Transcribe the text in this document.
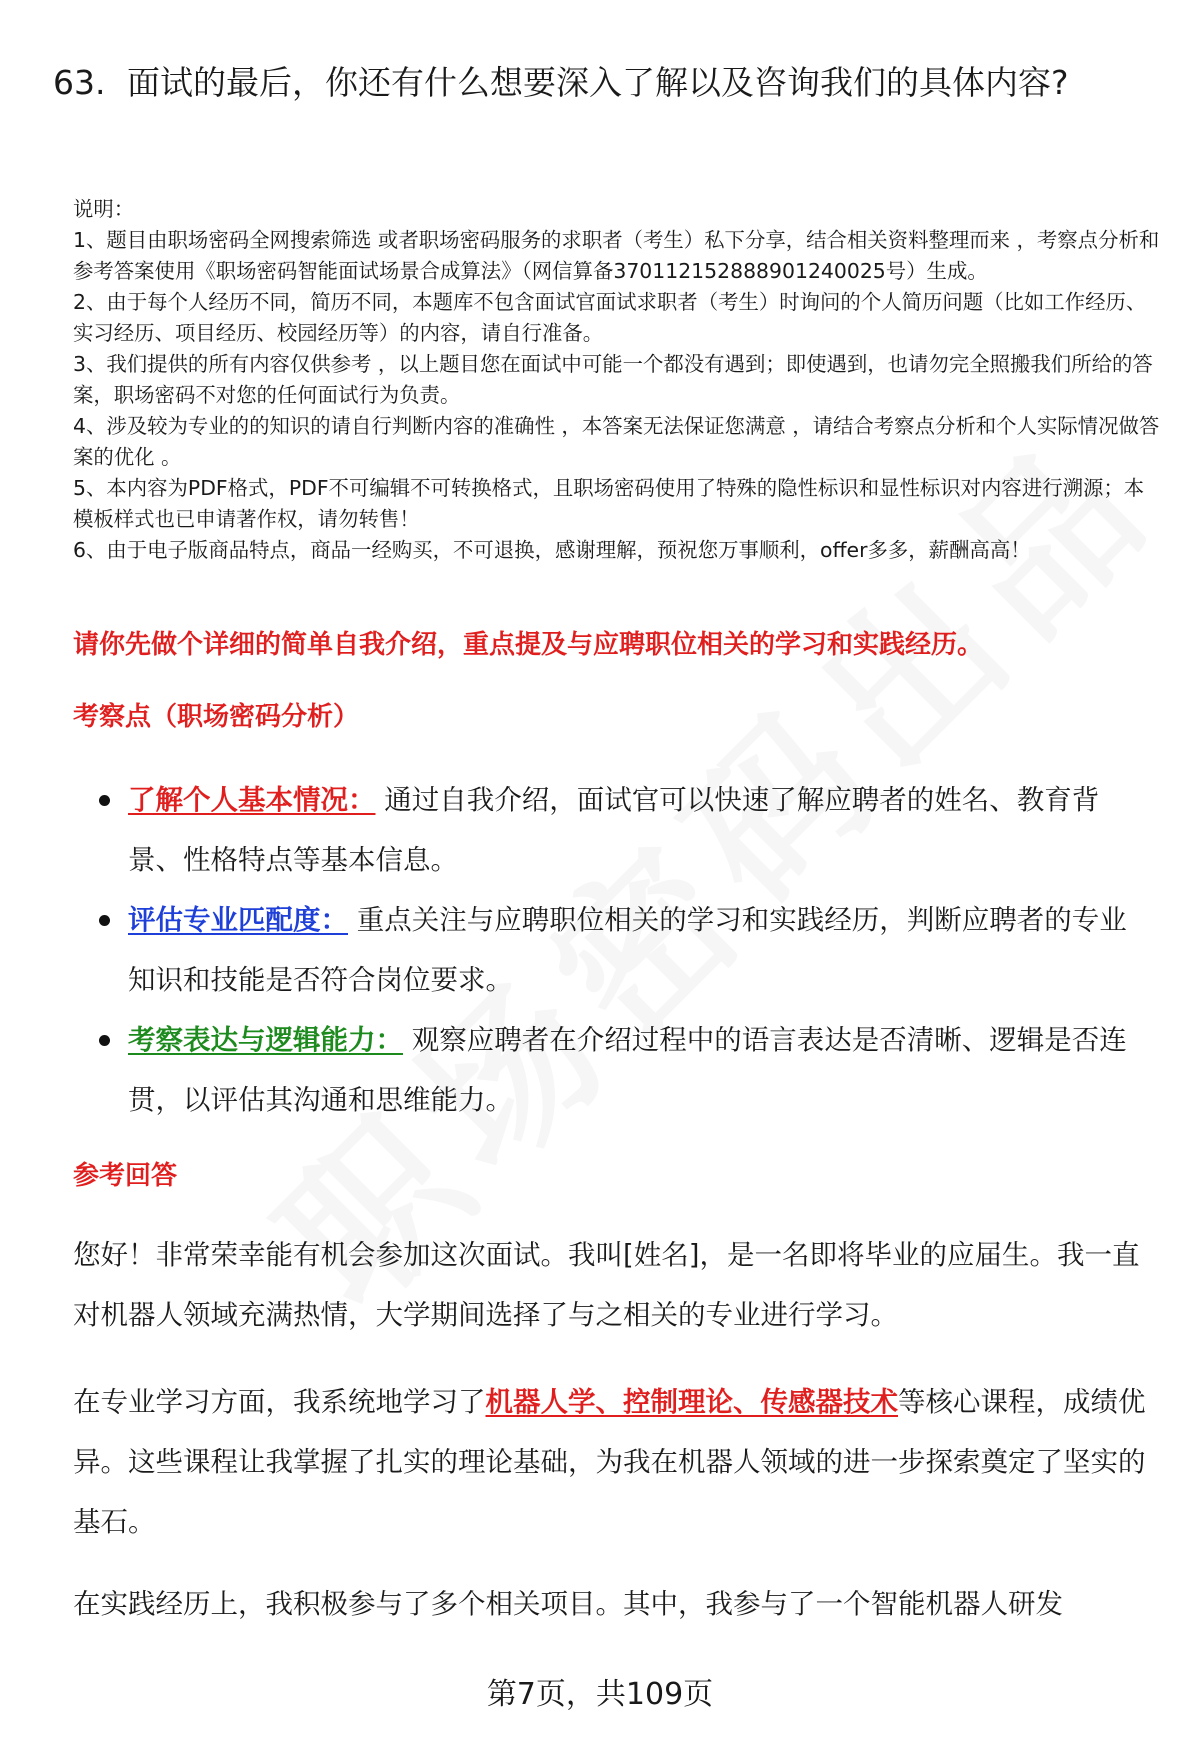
63. 面试的最后，你还有什么想要深入了解以及咨询我们的具体内容?
说明：
1、题目由职场密码全网搜索筛选 或者职场密码服务的求职者（考生）私下分享，结合相关资料整理而来 ，考察点分析和参考答案使用《职场密码智能面试场景合成算法》（网信算备370112152888901240025号）生成。
2、由于每个人经历不同，简历不同，本题库不包含面试官面试求职者（考生）时询问的个人简历问题（比如工作经历、实习经历、项目经历、校园经历等）的内容，请自行准备。
3、我们提供的所有内容仅供参考 ，以上题目您在面试中可能一个都没有遇到；即使遇到，也请勿完全照搬我们所给的答案，职场密码不对您的任何面试行为负责。
4、涉及较为专业的的知识的请自行判断内容的准确性 ，本答案无法保证您满意 ，请结合考察点分析和个人实际情况做答案的优化 。
5、本内容为PDF格式，PDF不可编辑不可转换格式，且职场密码使用了特殊的隐性标识和显性标识对内容进行溯源；本模板样式也已申请著作权，请勿转售！
6、由于电子版商品特点，商品一经购买，不可退换，感谢理解，预祝您万事顺利，offer多多，薪酬高高！
请你先做个详细的简单自我介绍，重点提及与应聘职位相关的学习和实践经历。
考察点（职场密码分析）
了解个人基本情况： 通过自我介绍，面试官可以快速了解应聘者的姓名、教育背景、性格特点等基本信息。
评估专业匹配度： 重点关注与应聘职位相关的学习和实践经历，判断应聘者的专业知识和技能是否符合岗位要求。
考察表达与逻辑能力： 观察应聘者在介绍过程中的语言表达是否清晰、逻辑是否连贯，以评估其沟通和思维能力。
参考回答
您好！非常荣幸能有机会参加这次面试。我叫[姓名]，是一名即将毕业的应届生。我一直对机器人领域充满热情，大学期间选择了与之相关的专业进行学习。
在专业学习方面，我系统地学习了机器人学、控制理论、传感器技术等核心课程，成绩优异。这些课程让我掌握了扎实的理论基础，为我在机器人领域的进一步探索奠定了坚实的基石。
在实践经历上，我积极参与了多个相关项目。其中，我参与了一个智能机器人研发
第7页，共109页
